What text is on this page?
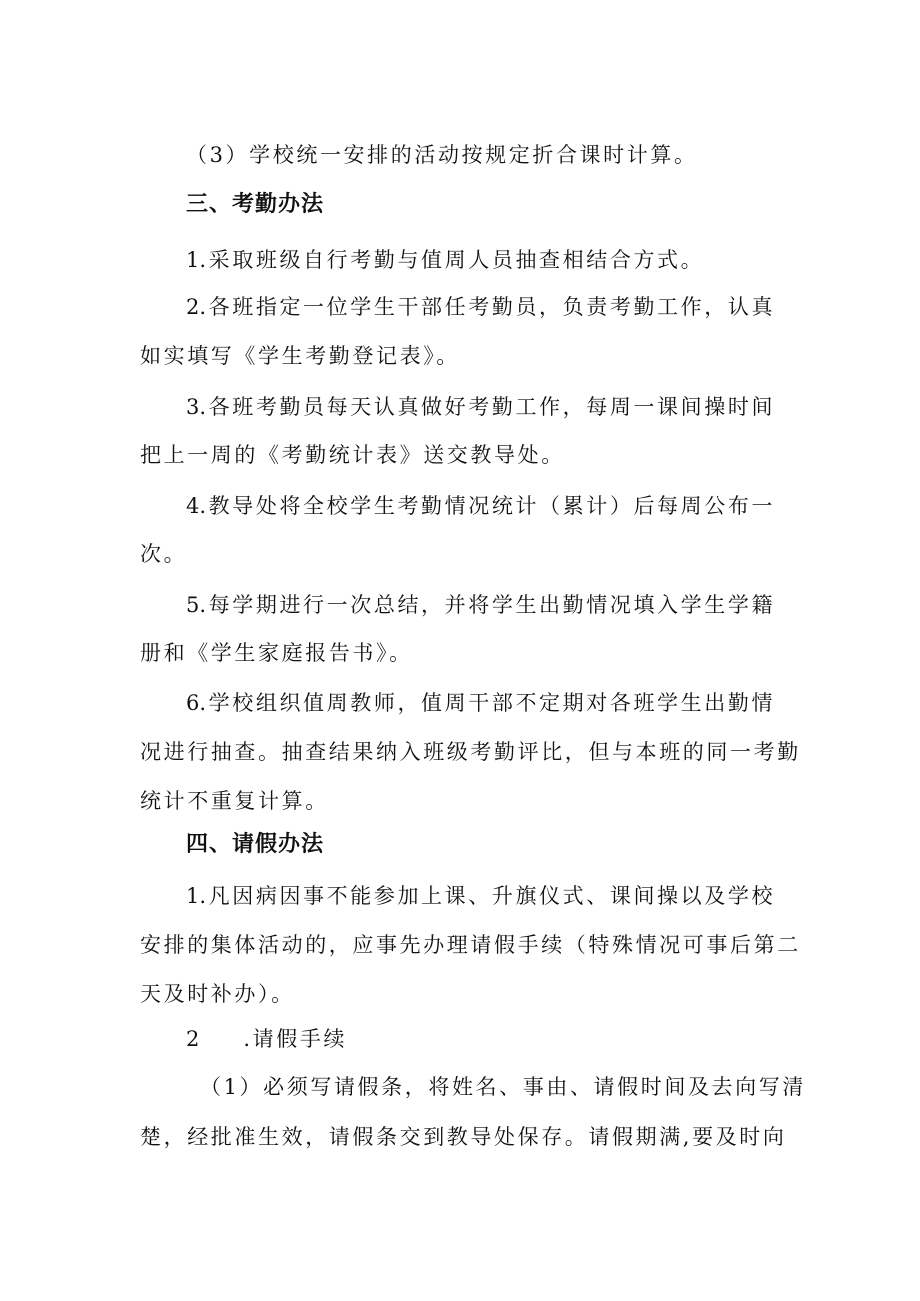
（3）学校统一安排的活动按规定折合课时计算。
三、考勤办法
1.采取班级自行考勤与值周人员抽查相结合方式。
2.各班指定一位学生干部任考勤员，负责考勤工作，认真
如实填写《学生考勤登记表》。
3.各班考勤员每天认真做好考勤工作，每周一课间操时间
把上一周的《考勤统计表》送交教导处。
4.教导处将全校学生考勤情况统计（累计）后每周公布一
次。
5.每学期进行一次总结，并将学生出勤情况填入学生学籍
册和《学生家庭报告书》。
6.学校组织值周教师，值周干部不定期对各班学生出勤情
况进行抽查。抽查结果纳入班级考勤评比，但与本班的同一考勤
统计不重复计算。
四、请假办法
1.凡因病因事不能参加上课、升旗仪式、课间操以及学校
安排的集体活动的，应事先办理请假手续（特殊情况可事后第二
天及时补办）。
2 .请假手续
（1）必须写请假条，将姓名、事由、请假时间及去向写清
楚，经批准生效，请假条交到教导处保存。请假期满,要及时向
